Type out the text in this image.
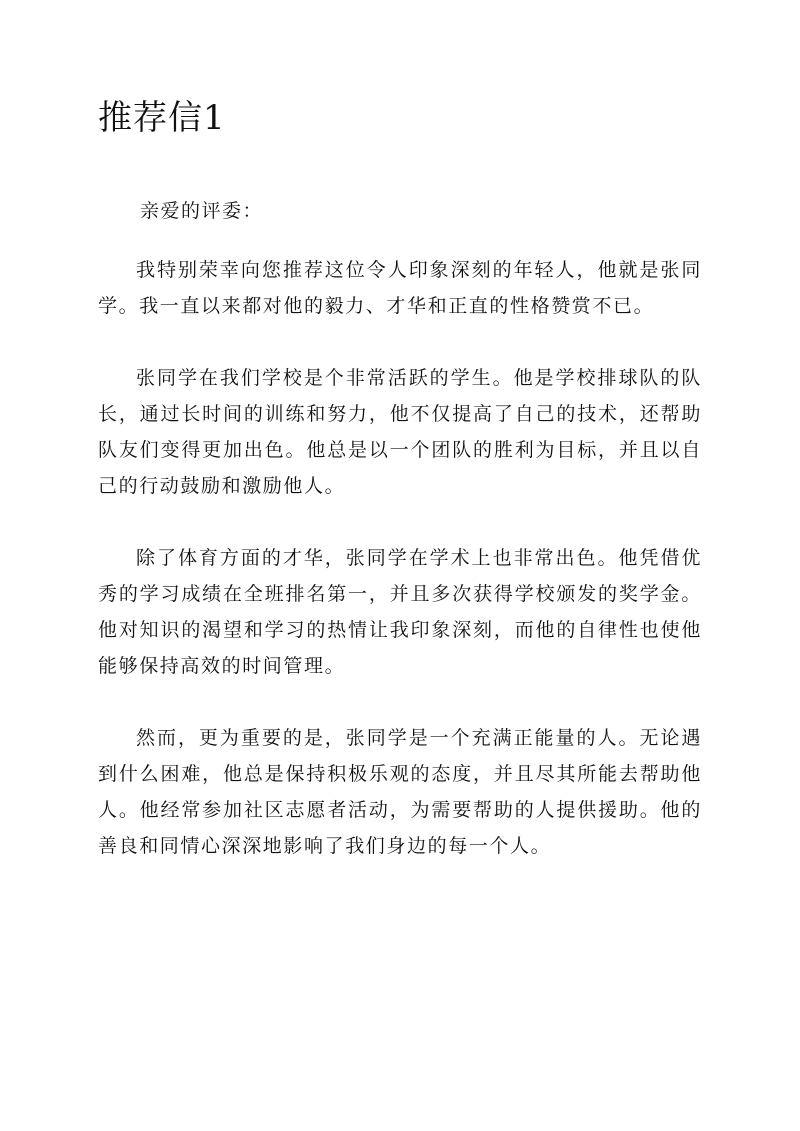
推荐信1

亲爱的评委：

我特别荣幸向您推荐这位令人印象深刻的年轻人，他就是张同学。我一直以来都对他的毅力、才华和正直的性格赞赏不已。

张同学在我们学校是个非常活跃的学生。他是学校排球队的队长，通过长时间的训练和努力，他不仅提高了自己的技术，还帮助队友们变得更加出色。他总是以一个团队的胜利为目标，并且以自己的行动鼓励和激励他人。

除了体育方面的才华，张同学在学术上也非常出色。他凭借优秀的学习成绩在全班排名第一，并且多次获得学校颁发的奖学金。他对知识的渴望和学习的热情让我印象深刻，而他的自律性也使他能够保持高效的时间管理。

然而，更为重要的是，张同学是一个充满正能量的人。无论遇到什么困难，他总是保持积极乐观的态度，并且尽其所能去帮助他人。他经常参加社区志愿者活动，为需要帮助的人提供援助。他的善良和同情心深深地影响了我们身边的每一个人。
